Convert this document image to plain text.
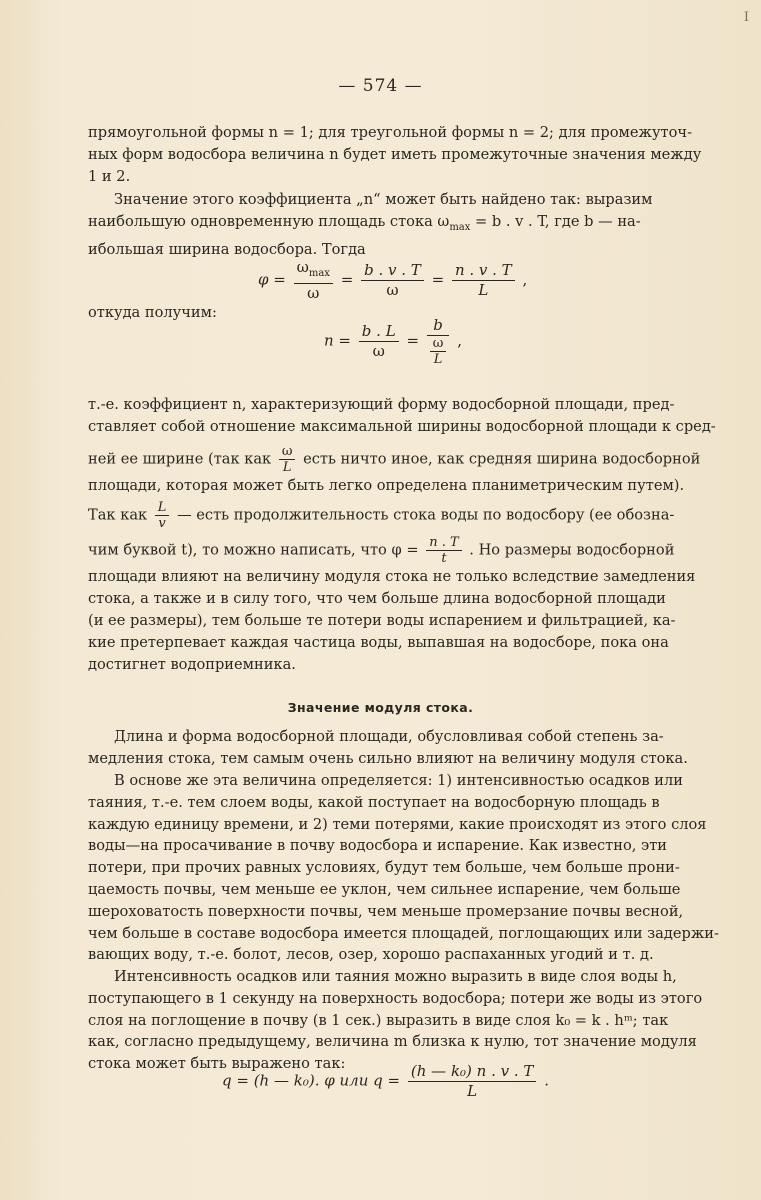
I
— 574 —

прямоугольной формы n = 1; для треугольной формы n = 2; для промежуточ-

ных форм водосбора величина n будет иметь промежуточные значения между

1 и 2.

Значение этого коэффициента „n“ может быть найдено так: выразим

наибольшую одновременную площадь стока $\omega_{max} = b$ . v . T, где b — на-

ибольшая ширина водосбора. Тогда

$\varphi = \frac{\omega_{max}}{\omega} = \frac{b . v . T}{\omega} = \frac{n . v . T}{L}$ ,

откуда получим:

$n = \frac{b . L}{\omega} = \frac{b}{\frac{\omega}{L}}$ ,

т.-е. коэффициент n, характеризующий форму водосборной площади, пред-

ставляет собой отношение максимальной ширины водосборной площади к сред-

ней ее ширине (так как $\frac{\omega}{L}$ есть ничто иное, как средняя ширина водосборной

площади, которая может быть легко определена планиметрическим путем).

Так как $\frac{L}{v}$ — есть продолжительность стока воды по водосбору (ее обозна-

чим буквой t), то можно написать, что $\varphi = \frac{n . T}{t}$ . Но размеры водосборной

площади влияют на величину модуля стока не только вследствие замедления

стока, а также и в силу того, что чем больше длина водосборной площади

(и ее размеры), тем больше те потери воды испарением и фильтрацией, ка-

кие претерпевает каждая частица воды, выпавшая на водосборе, пока она

достигнет водоприемника.

Значение модуля стока.

Длина и форма водосборной площади, обусловливая собой степень за-

медления стока, тем самым очень сильно влияют на величину модуля стока.

В основе же эта величина определяется: 1) интенсивностью осадков или

таяния, т.-е. тем слоем воды, какой поступает на водосборную площадь в

каждую единицу времени, и 2) теми потерями, какие происходят из этого слоя

воды—на просачивание в почву водосбора и испарение. Как известно, эти

потери, при прочих равных условиях, будут тем больше, чем больше прони-

цаемость почвы, чем меньше ее уклон, чем сильнее испарение, чем больше

шероховатость поверхности почвы, чем меньше промерзание почвы весной,

чем больше в составе водосбора имеется площадей, поглощающих или задержи-

вающих воду, т.-е. болот, лесов, озер, хорошо распаханных угодий и т. д.

Интенсивность осадков или таяния можно выразить в виде слоя воды h,

поступающего в 1 секунду на поверхность водосбора; потери же воды из этого

слоя на поглощение в почву (в 1 сек.) выразить в виде слоя k₀ = k . hᵐ; так

как, согласно предыдущему, величина m близка к нулю, тот значение модуля

стока может быть выражено так:

q = (h — k₀). φ или $q = \frac{\text{(h — k₀) n . v . T}}{L}$ .
